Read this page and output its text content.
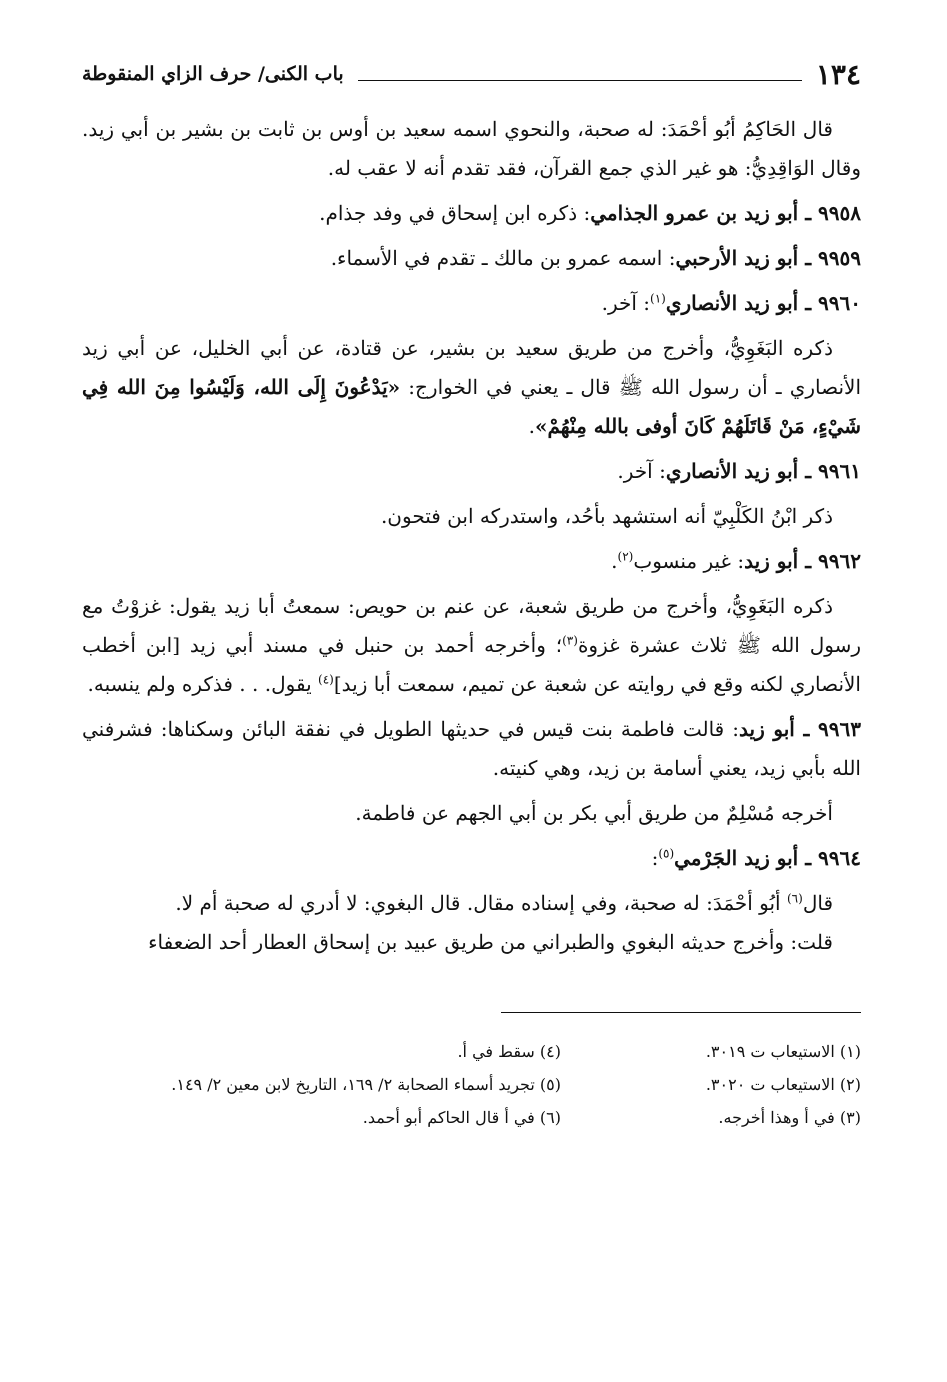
١٣٤
باب الكنى/ حرف الزاي المنقوطة

قال الحَاكِمُ أبُو أحْمَدَ: له صحبة، والنحوي اسمه سعيد بن أوس بن ثابت بن بشير بن أبي زيد. وقال الوَاقِدِيُّ: هو غير الذي جمع القرآن، فقد تقدم أنه لا عقب له.

٩٩٥٨ ـ أبو زيد بن عمرو الجذامي: ذكره ابن إسحاق في وفد جذام.

٩٩٥٩ ـ أبو زيد الأرحبي: اسمه عمرو بن مالك ـ تقدم في الأسماء.

٩٩٦٠ ـ أبو زيد الأنصاري$^{(١)}$: آخر.

ذكره البَغَوِيُّ، وأخرج من طريق سعيد بن بشير، عن قتادة، عن أبي الخليل، عن أبي زيد الأنصاري ـ أن رسول الله ﷺ قال ـ يعني في الخوارج: «يَدْعُونَ إِلَى الله، وَلَيْسُوا مِنَ الله فِي شَيْءٍ، مَنْ قَاتَلَهُمْ كَانَ أوفى بالله مِنْهُمْ».

٩٩٦١ ـ أبو زيد الأنصاري: آخر.

ذكر ابْنُ الكَلْبِيّ أنه استشهد بأحُد، واستدركه ابن فتحون.

٩٩٦٢ ـ أبو زيد: غير منسوب$^{(٢)}$.

ذكره البَغَوِيُّ، وأخرج من طريق شعبة، عن عنم بن حويص: سمعتُ أبا زيد يقول: غزوْتُ مع رسول الله ﷺ ثلاث عشرة غزوة$^{(٣)}$؛ وأخرجه أحمد بن حنبل في مسند أبي زيد [ابن أخطب الأنصاري لكنه وقع في روايته عن شعبة عن تميم، سمعت أبا زيد]$^{(٤)}$ يقول. . . فذكره ولم ينسبه.

٩٩٦٣ ـ أبو زيد: قالت فاطمة بنت قيس في حديثها الطويل في نفقة البائن وسكناها: فشرفني الله بأبي زيد، يعني أسامة بن زيد، وهي كنيته.

أخرجه مُسْلِمٌ من طريق أبي بكر بن أبي الجهم عن فاطمة.

٩٩٦٤ ـ أبو زيد الجَرْمي$^{(٥)}$:

قال$^{(٦)}$ أبُو أحْمَدَ: له صحبة، وفي إسناده مقال. قال البغوي: لا أدري له صحبة أم لا.

قلت: وأخرج حديثه البغوي والطبراني من طريق عبيد بن إسحاق العطار أحد الضعفاء

(١) الاستيعاب ت ٣٠١٩.
(٤) سقط في أ.
(٢) الاستيعاب ت ٣٠٢٠.
(٥) تجريد أسماء الصحابة ٢/ ١٦٩، التاريخ لابن معين ٢/ ١٤٩.
(٣) في أ وهذا أخرجه.
(٦) في أ قال الحاكم أبو أحمد.
